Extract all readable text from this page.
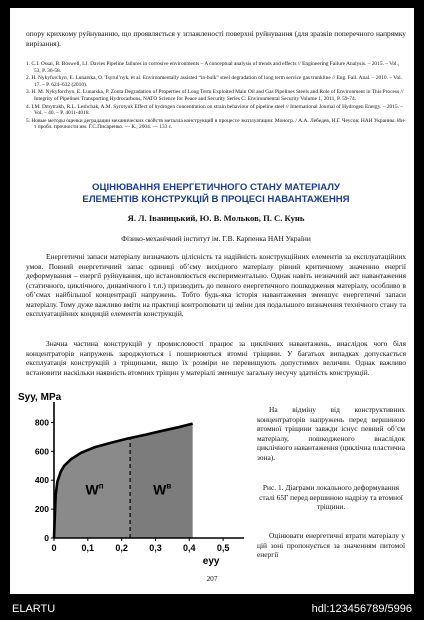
опору крихкому руйнуванню, що проявляється у зглажленості поверхні руйнування (для зразків поперечного напрямку вирізання).

1. C.I. Ossai, B. Boswell, I.J. Davies Pipeline failures in corrosive environments – A conceptual analysis of trends and effects // Engineering Failure Analysis. – 2015. – Vol., 53, P. 36-58.
2. H. Nykyforchyn, E. Lunarska, O. Tsyrul’nyk, et al. Environmentally assisted “in-bulk” steel degradation of long term service gas trunkline // Eng. Fail. Anal. – 2010. – Vol. 17. – P. 624–632 (2010).
3. H. M. Nykyforchyn, E. Lunarska, P. Zonta Degradation of Properties of Long Term Exploited Main Oil and Gas Pipelines Steels and Role of Environment in This Process // Integrity of Pipelines Transporting Hydrocarbons, NATO Science for Peace and Security Series C: Environmental Security Volume 1, 2011, P. 59-74.
4. I.M. Dmytrakh, R.L. Leshchak, A.M. Syrotyuk Effect of hydrogen concentration on strain behaviour of pipeline steel // International Journal of Hydrogen Energy. – 2015. – Vol. – 40. – P. 4011-4018.
5. Новые методы оценки деградации механических свойств металла конструкций в процессе эксплуатации: Моногр. / А.А. Лебедев, Н.Г. Чеусов; НАН Украины. Ин-т пробл. прочности им. Г.С.Писаренко. — К., 2004. — 133 с.
ОЦІНЮВАННЯ ЕНЕРГЕТИЧНОГО СТАНУ МАТЕРІАЛУ
ЕЛЕМЕНТІВ КОНСТРУКЦІЙ В ПРОЦЕСІ НАВАНТАЖЕННЯ
Я. Л. Іваницький, Ю. В. Мольков, П. С. Кунь
Фізико-механічний інститут ім. Г.В. Карпенка НАН України

Енергетичні запаси матеріалу визначають цілісність та надійність конструкційних елементів за експлуатаційних умов. Повний енергетичний запас одиниці об’єму вихідного матеріалу рівний критичному значенню енергії деформування – енергії руйнування, що встановлюється експериментально. Однак навіть незначний акт навантаження (статичного, циклічного, динамічного і т.п.) призводить до певного енергетичного пошкодження матеріалу, особливо в об’ємах найбільшої концентрації напружень. Тобто будь-яка історія навантаження зменшує енергетичні запаси матеріалу. Тому дуже важливо вміти на практиці контролювати ці зміни для подальшого визначення технічного стану та експлуатаційних кондицій елементів конструкцій.

Значна частина конструкцій у промисловості працює за циклічних навантажень, внаслідок чого біля концентраторів напружень зароджуються і поширюються втомні тріщини. У багатьох випадках допускається експлуатація конструкцій з тріщинами, якщо їх розміри не перевищують допустимих величин. Однак важливо встановити наскільки наявність втомних тріщин у матеріалі зменшує загальну несучу здатність конструкцій.

0	0,1 0,2 0,3 0,4 0,5
0
200
400
600
800
Syy, MPa
eyy
$W^п$	$W^в$

На відміну від конструктивних концентраторів напружень перед вершиною втомної тріщини завжди існує певний об’єм матеріалу, пошкодженого внаслідок циклічного навантаження (циклічна пластична зона).

Рис. 1. Діаграми локального деформування сталі 65Г перед вершиною надрізу та втомної тріщини.

Оцінювати енергетичні втрати матеріалу у цій зоні пропонується за значенням питомої енергії

207
ELARTU	hdl:123456789/5996
